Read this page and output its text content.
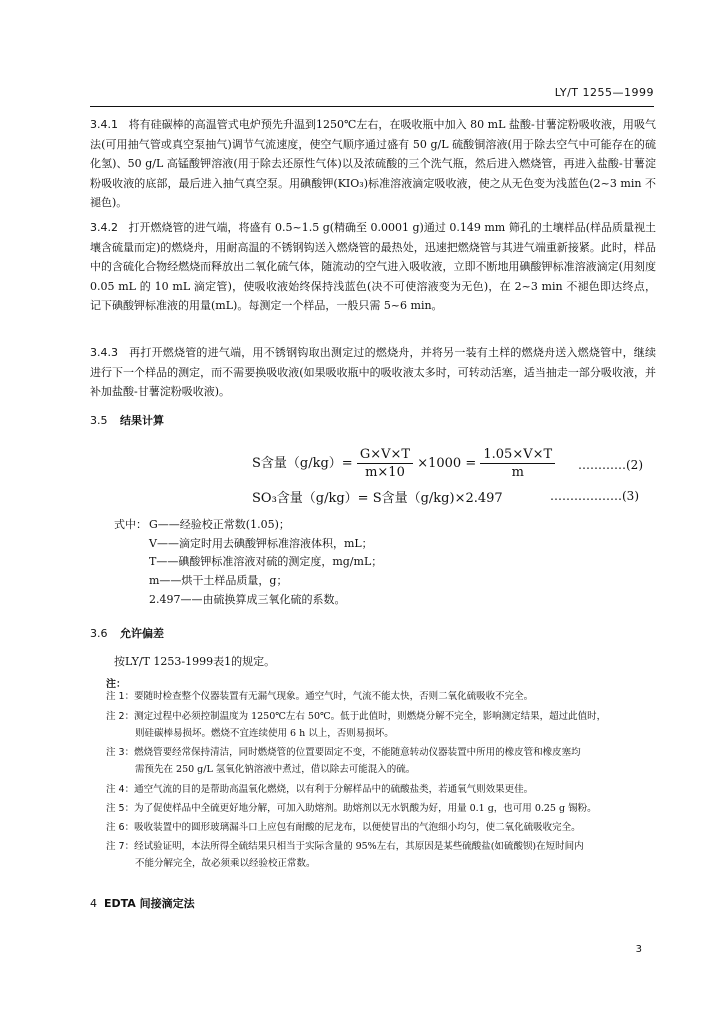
LY/T 1255—1999
3.4.1 将有硅碳棒的高温管式电炉预先升温到1250℃左右，在吸收瓶中加入 80 mL 盐酸-甘薯淀粉吸收液，用吸气法(可用抽气管或真空泵抽气)调节气流速度，使空气顺序通过盛有 50 g/L 硫酸铜溶液(用于除去空气中可能存在的硫化氢)、50 g/L 高锰酸钾溶液(用于除去还原性气体)以及浓硫酸的三个洗气瓶，然后进入燃烧管，再进入盐酸-甘薯淀粉吸收液的底部，最后进入抽气真空泵。用碘酸钾(KIO₃)标准溶液滴定吸收液，使之从无色变为浅蓝色(2~3 min 不褪色)。
3.4.2 打开燃烧管的进气端，将盛有 0.5~1.5 g(精确至 0.0001 g)通过 0.149 mm 筛孔的土壤样品(样品质量视土壤含硫量而定)的燃烧舟，用耐高温的不锈钢钩送入燃烧管的最热处，迅速把燃烧管与其进气端重新接紧。此时，样品中的含硫化合物经燃烧而释放出二氧化硫气体，随流动的空气进入吸收液，立即不断地用碘酸钾标准溶液滴定(用刻度 0.05 mL 的 10 mL 滴定管)，使吸收液始终保持浅蓝色(决不可使溶液变为无色)，在 2~3 min 不褪色即达终点，记下碘酸钾标准液的用量(mL)。每测定一个样品，一般只需 5~6 min。
3.4.3 再打开燃烧管的进气端，用不锈钢钩取出测定过的燃烧舟，并将另一装有土样的燃烧舟送入燃烧管中，继续进行下一个样品的测定，而不需要换吸收液(如果吸收瓶中的吸收液太多时，可转动活塞，适当抽走一部分吸收液，并补加盐酸-甘薯淀粉吸收液)。
3.5 结果计算
S含量$(g/kg)= \frac{G\times V\times T}{m\times 10} \times 1000 = \frac{1.05\times V\times T}{m}$ …………(2)
SO₃含量（g/kg）= S含量（g/kg)×2.497	………………(3)
式中： G——经验校正常数(1.05)；
V——滴定时用去碘酸钾标准溶液体积，mL；
T——碘酸钾标准溶液对硫的测定度，mg/mL；
m——烘干土样品质量，g；
2.497——由硫换算成三氧化硫的系数。
3.6 允许偏差
按LY/T 1253-1999表1的规定。
注：
注 1：要随时检查整个仪器装置有无漏气现象。通空气时，气流不能太快，否则二氧化硫吸收不完全。
注 2：测定过程中必须控制温度为 1250℃左右 50℃。低于此值时，则燃烧分解不完全，影响测定结果，超过此值时，
则硅碳棒易损坏。燃烧不宜连续使用 6 h 以上，否则易损坏。
注 3：燃烧管要经常保持清洁，同时燃烧管的位置要固定不变，不能随意转动仪器装置中所用的橡皮管和橡皮塞均
需预先在 250 g/L 氢氧化钠溶液中煮过，借以除去可能混入的硫。
注 4：通空气流的目的是帮助高温氧化燃烧，以有利于分解样品中的硫酸盐类，若通氧气则效果更佳。
注 5：为了促使样品中全硫更好地分解，可加入助熔剂。助熔剂以无水钒酸为好，用量 0.1 g，也可用 0.25 g 锡粉。
注 6：吸收装置中的圆形玻璃漏斗口上应包有耐酸的尼龙布，以便使冒出的气泡细小均匀，使二氧化硫吸收完全。
注 7：经试验证明，本法所得全硫结果只相当于实际含量的 95%左右，其原因是某些硫酸盐(如硫酸钡)在短时间内
不能分解完全，故必须乘以经验校正常数。
4 EDTA 间接滴定法
3
